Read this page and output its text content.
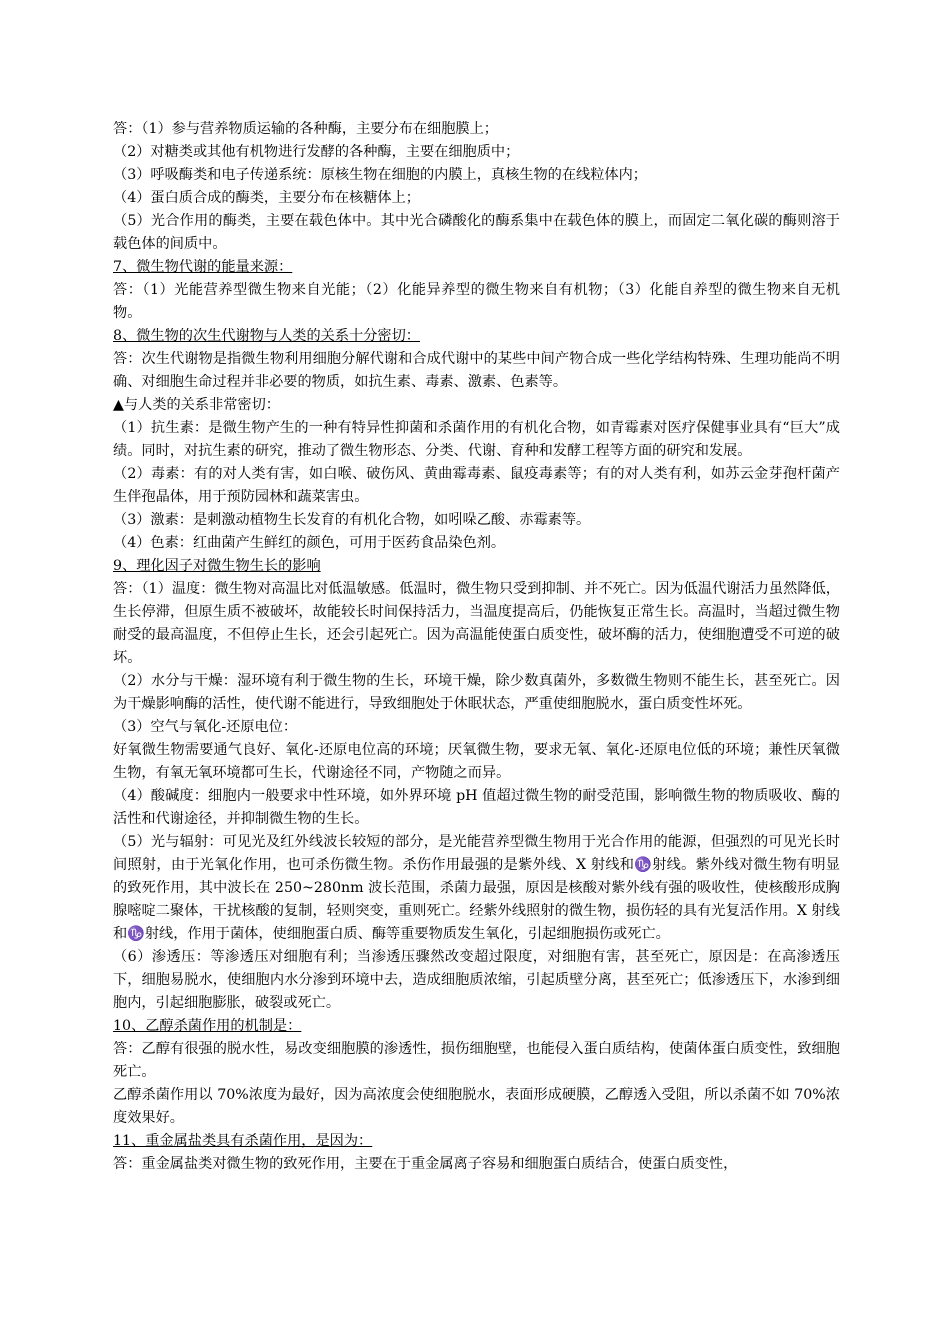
答：（1）参与营养物质运输的各种酶，主要分布在细胞膜上；

（2）对糖类或其他有机物进行发酵的各种酶，主要在细胞质中；

（3）呼吸酶类和电子传递系统：原核生物在细胞的内膜上，真核生物的在线粒体内；

（4）蛋白质合成的酶类，主要分布在核糖体上；

（5）光合作用的酶类，主要在载色体中。其中光合磷酸化的酶系集中在载色体的膜上，而固定二氧化碳的酶则溶于载色体的间质中。

7、微生物代谢的能量来源：

答：（1）光能营养型微生物来自光能；（2）化能异养型的微生物来自有机物；（3）化能自养型的微生物来自无机物。

8、微生物的次生代谢物与人类的关系十分密切：

答：次生代谢物是指微生物利用细胞分解代谢和合成代谢中的某些中间产物合成一些化学结构特殊、生理功能尚不明确、对细胞生命过程并非必要的物质，如抗生素、毒素、激素、色素等。

▲与人类的关系非常密切：

（1）抗生素：是微生物产生的一种有特异性抑菌和杀菌作用的有机化合物，如青霉素对医疗保健事业具有“巨大”成绩。同时，对抗生素的研究，推动了微生物形态、分类、代谢、育种和发酵工程等方面的研究和发展。

（2）毒素：有的对人类有害，如白喉、破伤风、黄曲霉毒素、鼠疫毒素等；有的对人类有利，如苏云金芽孢杆菌产生伴孢晶体，用于预防园林和蔬菜害虫。

（3）激素：是刺激动植物生长发育的有机化合物，如吲哚乙酸、赤霉素等。

（4）色素：红曲菌产生鲜红的颜色，可用于医药食品染色剂。

9、理化因子对微生物生长的影响

答：（1）温度：微生物对高温比对低温敏感。低温时，微生物只受到抑制、并不死亡。因为低温代谢活力虽然降低，生长停滞，但原生质不被破坏，故能较长时间保持活力，当温度提高后，仍能恢复正常生长。高温时，当超过微生物耐受的最高温度，不但停止生长，还会引起死亡。因为高温能使蛋白质变性，破坏酶的活力，使细胞遭受不可逆的破坏。

（2）水分与干燥：湿环境有利于微生物的生长，环境干燥，除少数真菌外，多数微生物则不能生长，甚至死亡。因为干燥影响酶的活性，使代谢不能进行，导致细胞处于休眠状态，严重使细胞脱水，蛋白质变性坏死。

（3）空气与氧化-还原电位：

好氧微生物需要通气良好、氧化-还原电位高的环境；厌氧微生物，要求无氧、氧化-还原电位低的环境；兼性厌氧微生物，有氧无氧环境都可生长，代谢途径不同，产物随之而异。

（4）酸碱度：细胞内一般要求中性环境，如外界环境 pH 值超过微生物的耐受范围，影响微生物的物质吸收、酶的活性和代谢途径，并抑制微生物的生长。

（5）光与辐射：可见光及红外线波长较短的部分，是光能营养型微生物用于光合作用的能源，但强烈的可见光长时间照射，由于光氧化作用，也可杀伤微生物。杀伤作用最强的是紫外线、X 射线和♑射线。紫外线对微生物有明显的致死作用，其中波长在 250~280nm 波长范围，杀菌力最强，原因是核酸对紫外线有强的吸收性，使核酸形成胸腺嘧啶二聚体，干扰核酸的复制，轻则突变，重则死亡。经紫外线照射的微生物，损伤轻的具有光复活作用。X 射线和♑射线，作用于菌体，使细胞蛋白质、酶等重要物质发生氧化，引起细胞损伤或死亡。

（6）渗透压：等渗透压对细胞有利；当渗透压骤然改变超过限度，对细胞有害，甚至死亡，原因是：在高渗透压下，细胞易脱水，使细胞内水分渗到环境中去，造成细胞质浓缩，引起质壁分离，甚至死亡；低渗透压下，水渗到细胞内，引起细胞膨胀，破裂或死亡。

10、乙醇杀菌作用的机制是：

答：乙醇有很强的脱水性，易改变细胞膜的渗透性，损伤细胞壁，也能侵入蛋白质结构，使菌体蛋白质变性，致细胞死亡。

乙醇杀菌作用以 70%浓度为最好，因为高浓度会使细胞脱水，表面形成硬膜，乙醇透入受阻，所以杀菌不如 70%浓度效果好。

11、重金属盐类具有杀菌作用，是因为：

答：重金属盐类对微生物的致死作用，主要在于重金属离子容易和细胞蛋白质结合，使蛋白质变性，
